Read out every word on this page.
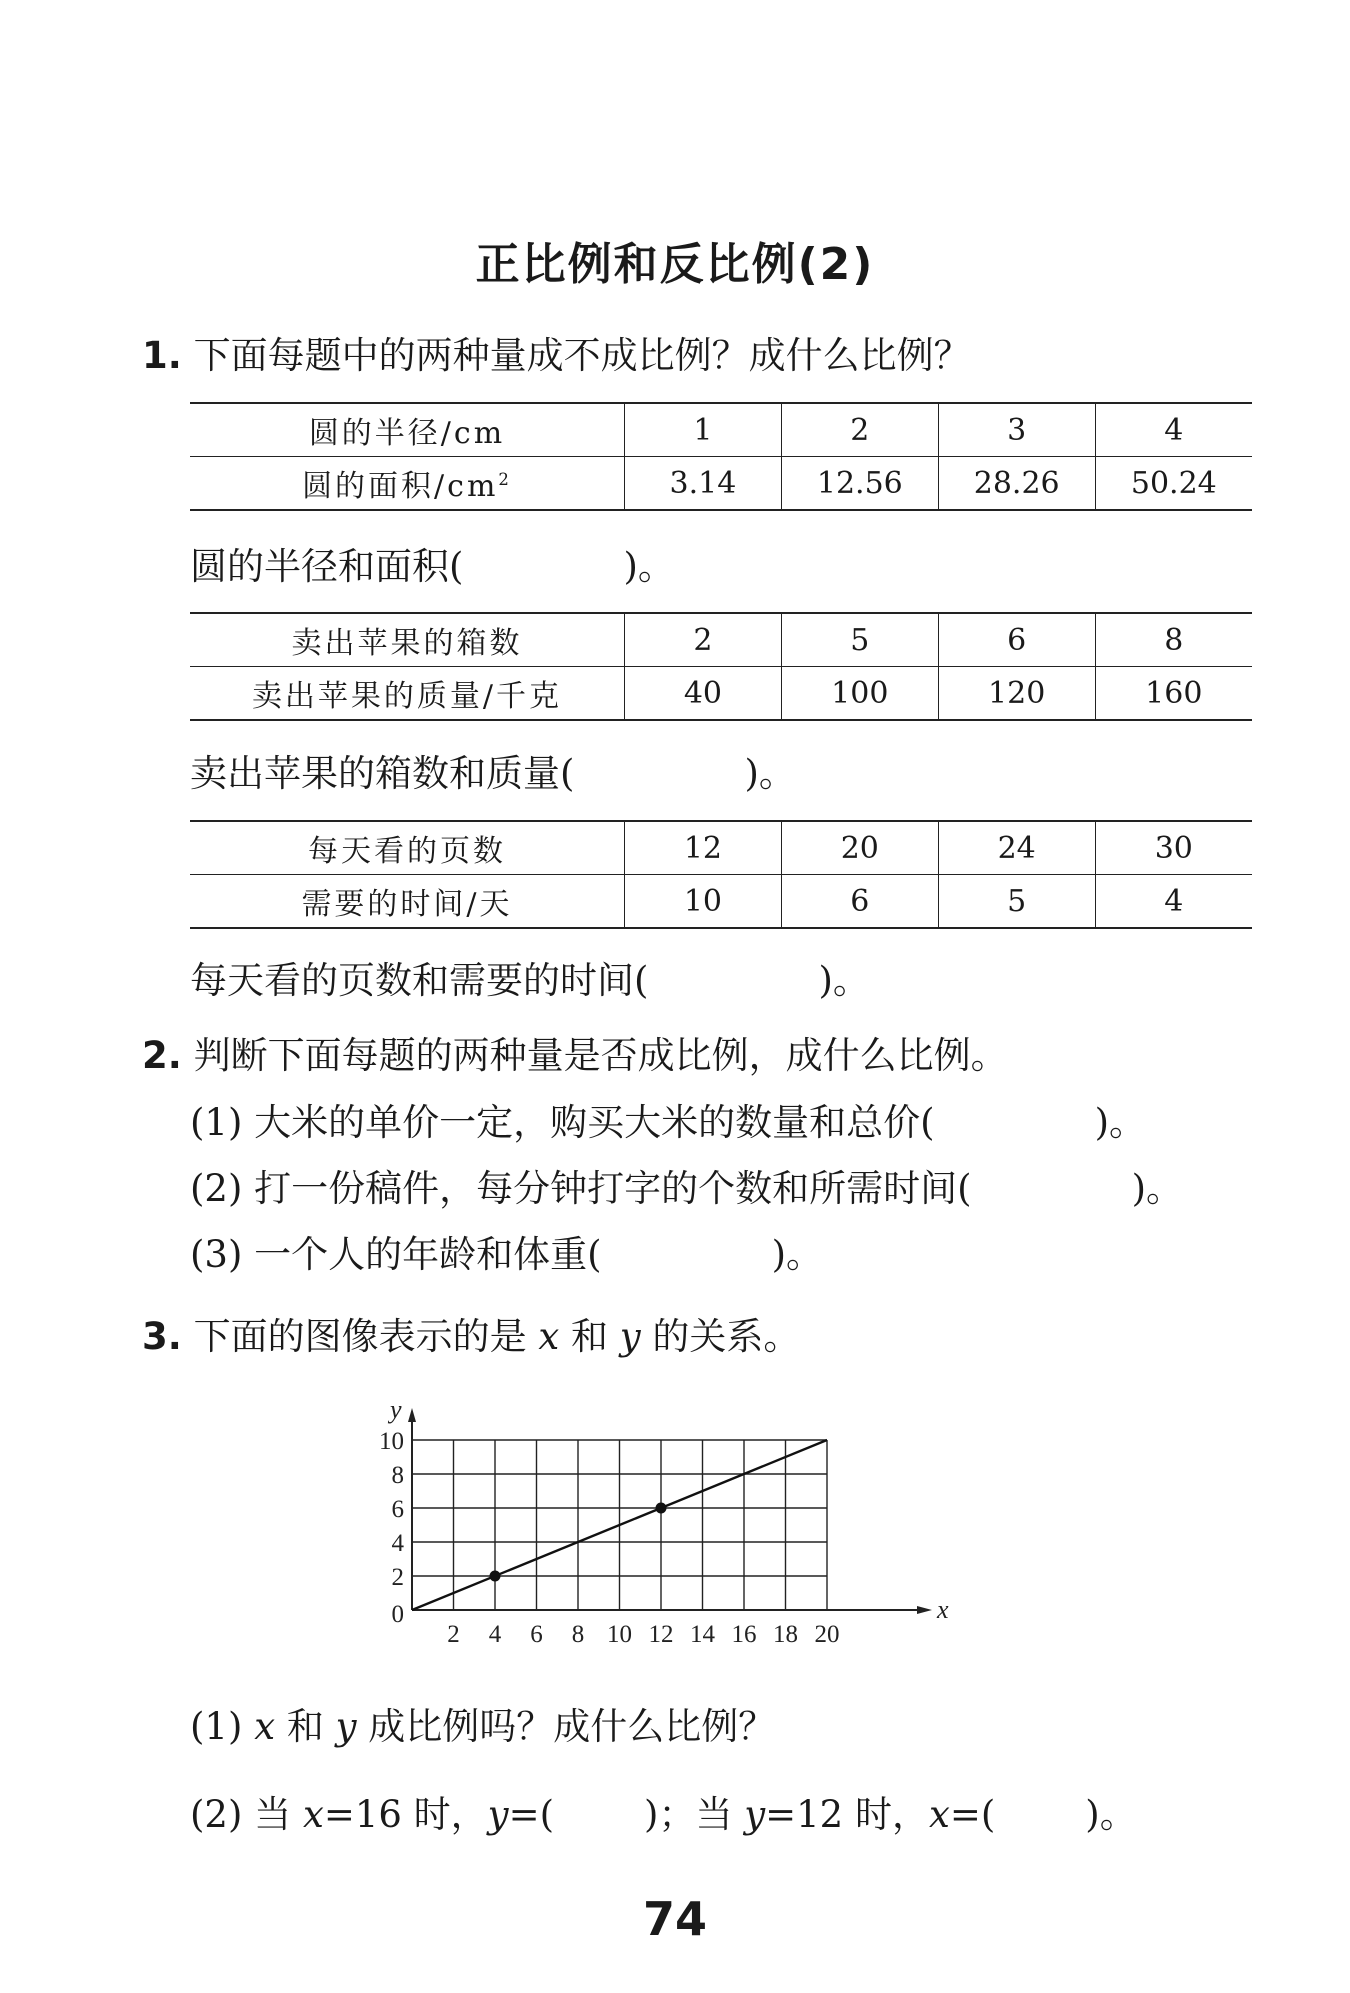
正比例和反比例(2)
1. 下面每题中的两种量成不成比例？成什么比例？
圆的半径/cm	1	2	3	4
圆的面积$/cm^2$	3.14	12.56	28.26	50.24
圆的半径和面积(	)。
卖出苹果的箱数	2	5	6	8
卖出苹果的质量/千克	40	100	120	160
卖出苹果的箱数和质量(	)。
每天看的页数	12	20	24	30
需要的时间/天	10	6	5	4
每天看的页数和需要的时间(	)。
2. 判断下面每题的两种量是否成比例，成什么比例。
(1) 大米的单价一定，购买大米的数量和总价(	)。
(2) 打一份稿件，每分钟打字的个数和所需时间(	)。
(3) 一个人的年龄和体重(	)。
3. 下面的图像表示的是 x 和 y 的关系。
2 4 6 8 10 12 14 16 18 20
2
4
6
8
10
0	x
y
(1) x 和 y 成比例吗？成什么比例？
(2) 当 x=16 时，y=( )；当 y=12 时，x=( )。
74
